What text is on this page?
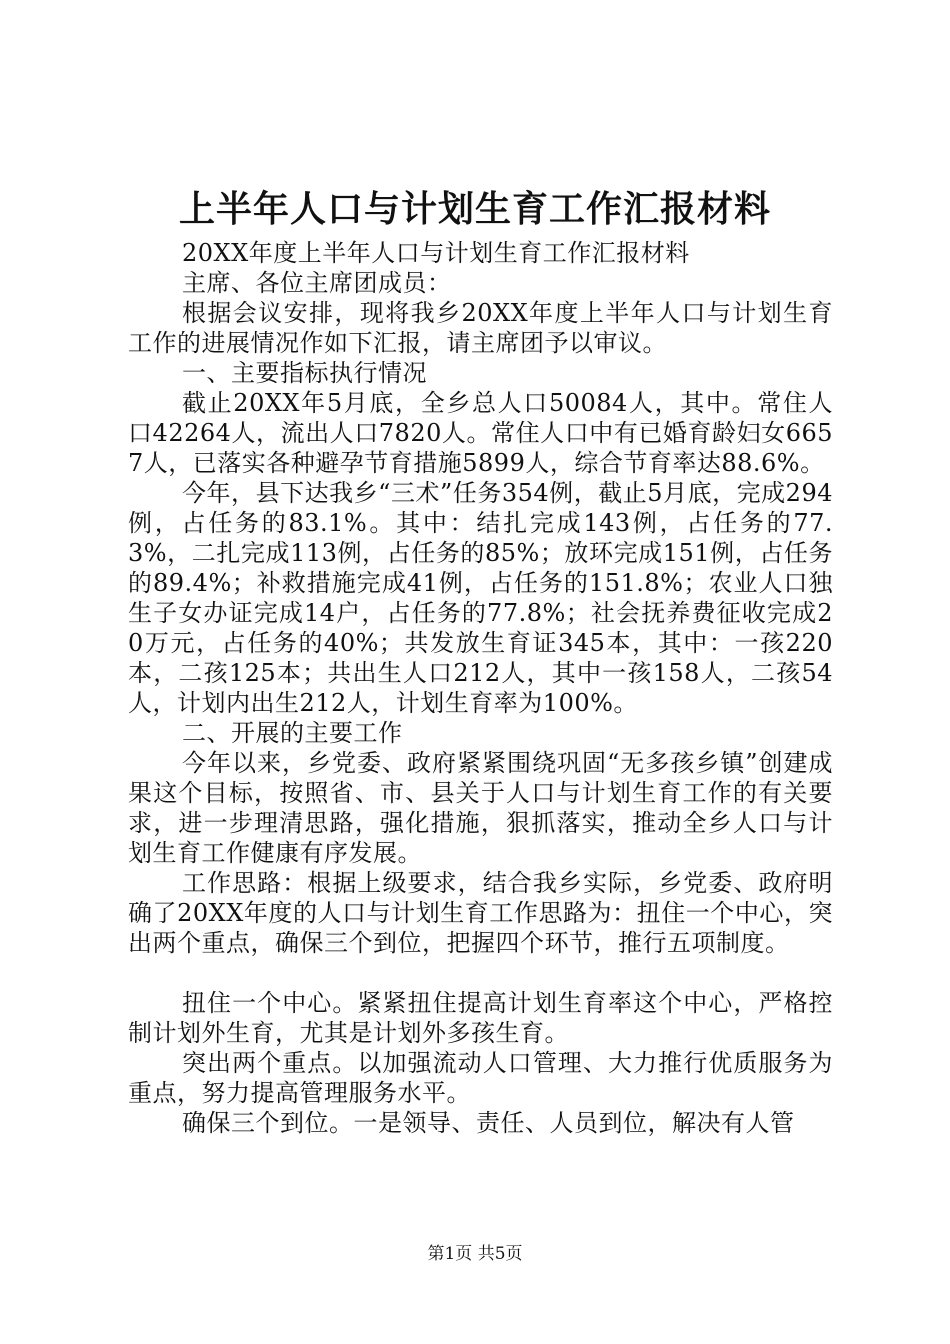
上半年人口与计划生育工作汇报材料

20XX年度上半年人口与计划生育工作汇报材料

主席、各位主席团成员：

根据会议安排，现将我乡20XX年度上半年人口与计划生育工作的进展情况作如下汇报，请主席团予以审议。

一、主要指标执行情况

截止20XX年5月底，全乡总人口50084人，其中。常住人口42264人，流出人口7820人。常住人口中有已婚育龄妇女6657人，已落实各种避孕节育措施5899人，综合节育率达88.6%。

今年，县下达我乡“三术”任务354例，截止5月底，完成294例，占任务的83.1%。其中：结扎完成143例，占任务的77.3%，二扎完成113例，占任务的85%；放环完成151例，占任务的89.4%；补救措施完成41例，占任务的151.8%；农业人口独生子女办证完成14户，占任务的77.8%；社会抚养费征收完成20万元，占任务的40%；共发放生育证345本，其中：一孩220本，二孩125本；共出生人口212人，其中一孩158人，二孩54人，计划内出生212人，计划生育率为100%。

二、开展的主要工作

今年以来，乡党委、政府紧紧围绕巩固“无多孩乡镇”创建成果这个目标，按照省、市、县关于人口与计划生育工作的有关要求，进一步理清思路，强化措施，狠抓落实，推动全乡人口与计划生育工作健康有序发展。

工作思路：根据上级要求，结合我乡实际，乡党委、政府明确了20XX年度的人口与计划生育工作思路为：扭住一个中心，突出两个重点，确保三个到位，把握四个环节，推行五项制度。

扭住一个中心。紧紧扭住提高计划生育率这个中心，严格控制计划外生育，尤其是计划外多孩生育。

突出两个重点。以加强流动人口管理、大力推行优质服务为重点，努力提高管理服务水平。

确保三个到位。一是领导、责任、人员到位，解决有人管

第1页 共5页
